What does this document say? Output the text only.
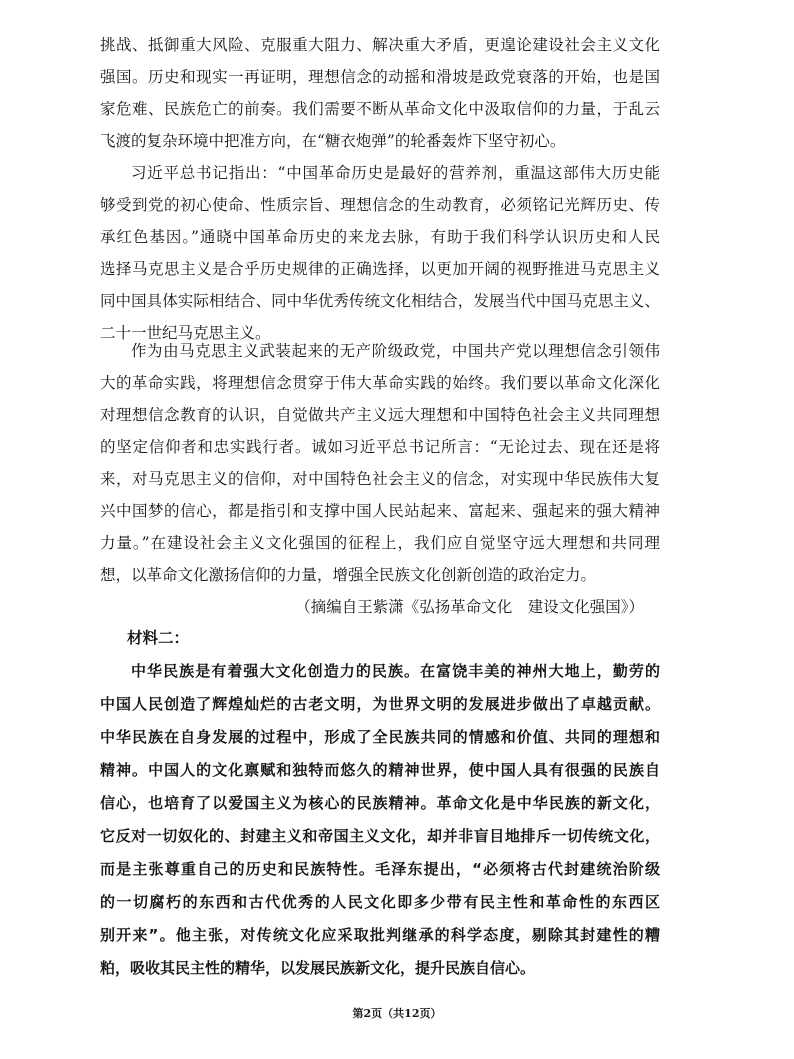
挑战、抵御重大风险、克服重大阻力、解决重大矛盾，更遑论建设社会主义文化
强国。历史和现实一再证明，理想信念的动摇和滑坡是政党衰落的开始，也是国
家危难、民族危亡的前奏。我们需要不断从革命文化中汲取信仰的力量，于乱云
飞渡的复杂环境中把准方向，在“糖衣炮弹”的轮番轰炸下坚守初心。
习近平总书记指出：“中国革命历史是最好的营养剂，重温这部伟大历史能
够受到党的初心使命、性质宗旨、理想信念的生动教育，必须铭记光辉历史、传
承红色基因。”通晓中国革命历史的来龙去脉，有助于我们科学认识历史和人民
选择马克思主义是合乎历史规律的正确选择，以更加开阔的视野推进马克思主义
同中国具体实际相结合、同中华优秀传统文化相结合，发展当代中国马克思主义、
二十一世纪马克思主义。
作为由马克思主义武装起来的无产阶级政党，中国共产党以理想信念引领伟
大的革命实践，将理想信念贯穿于伟大革命实践的始终。我们要以革命文化深化
对理想信念教育的认识，自觉做共产主义远大理想和中国特色社会主义共同理想
的坚定信仰者和忠实践行者。诚如习近平总书记所言：“无论过去、现在还是将
来，对马克思主义的信仰，对中国特色社会主义的信念，对实现中华民族伟大复
兴中国梦的信心，都是指引和支撑中国人民站起来、富起来、强起来的强大精神
力量。”在建设社会主义文化强国的征程上，我们应自觉坚守远大理想和共同理
想，以革命文化激扬信仰的力量，增强全民族文化创新创造的政治定力。
（摘编自王紫潇《弘扬革命文化　建设文化强国》）
材料二：
中华民族是有着强大文化创造力的民族。在富饶丰美的神州大地上，勤劳的
中国人民创造了辉煌灿烂的古老文明，为世界文明的发展进步做出了卓越贡献。
中华民族在自身发展的过程中，形成了全民族共同的情感和价值、共同的理想和
精神。中国人的文化禀赋和独特而悠久的精神世界，使中国人具有很强的民族自
信心，也培育了以爱国主义为核心的民族精神。革命文化是中华民族的新文化，
它反对一切奴化的、封建主义和帝国主义文化，却并非盲目地排斥一切传统文化，
而是主张尊重自己的历史和民族特性。毛泽东提出，“必须将古代封建统治阶级
的一切腐朽的东西和古代优秀的人民文化即多少带有民主性和革命性的东西区
别开来”。他主张，对传统文化应采取批判继承的科学态度，剔除其封建性的糟
粕，吸收其民主性的精华，以发展民族新文化，提升民族自信心。
第2页（共12页）
